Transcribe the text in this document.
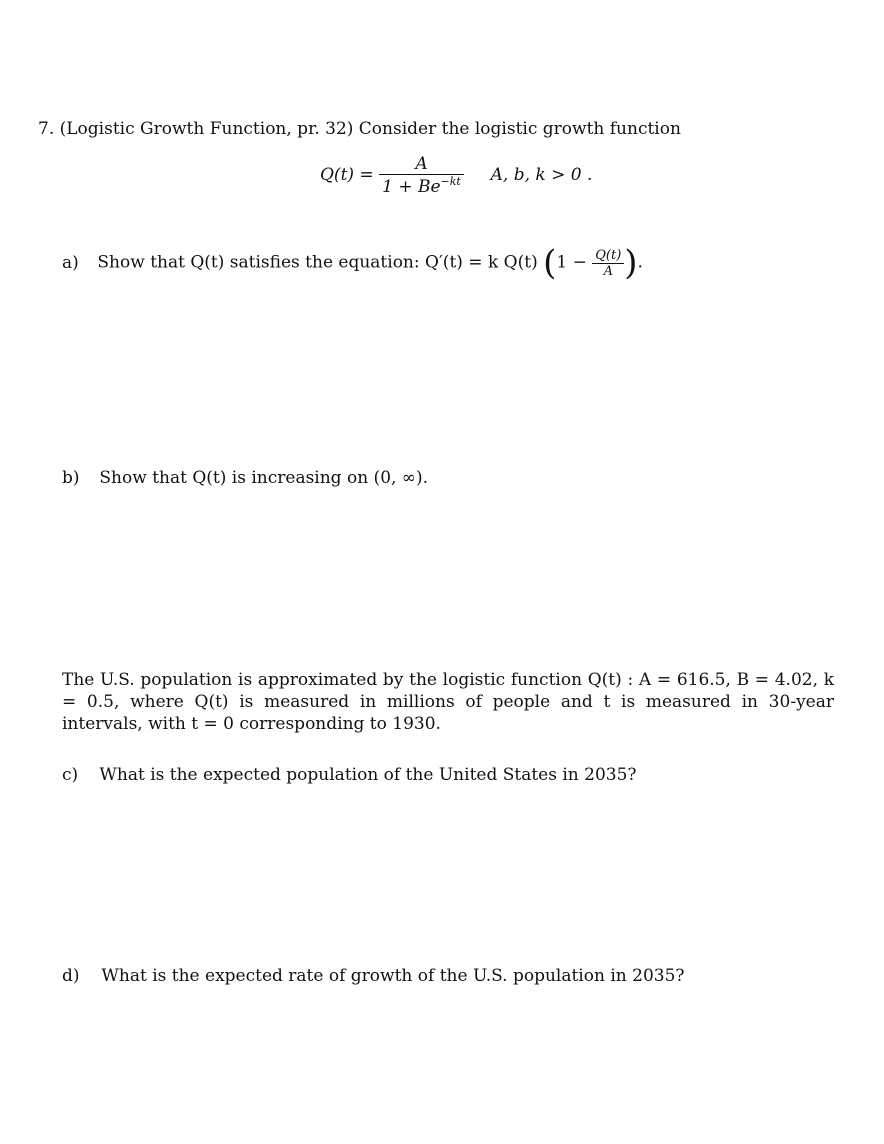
7. (Logistic Growth Function, pr. 32) Consider the logistic growth function
$Q(t) = \frac{A}{1 + Be^{-kt}} A$, b, k > 0 .
a) Show that Q(t) satisfies the equation: Q′(t) = k Q(t) ($1 - \frac{Q(t)}{A}$ ).
b) Show that Q(t) is increasing on (0, ∞).
The U.S. population is approximated by the logistic function Q(t) : A = 616.5, B = 4.02, k = 0.5, where Q(t) is measured in millions of people and t is measured in 30-year intervals, with t = 0 corresponding to 1930.
c) What is the expected population of the United States in 2035?
d) What is the expected rate of growth of the U.S. population in 2035?
